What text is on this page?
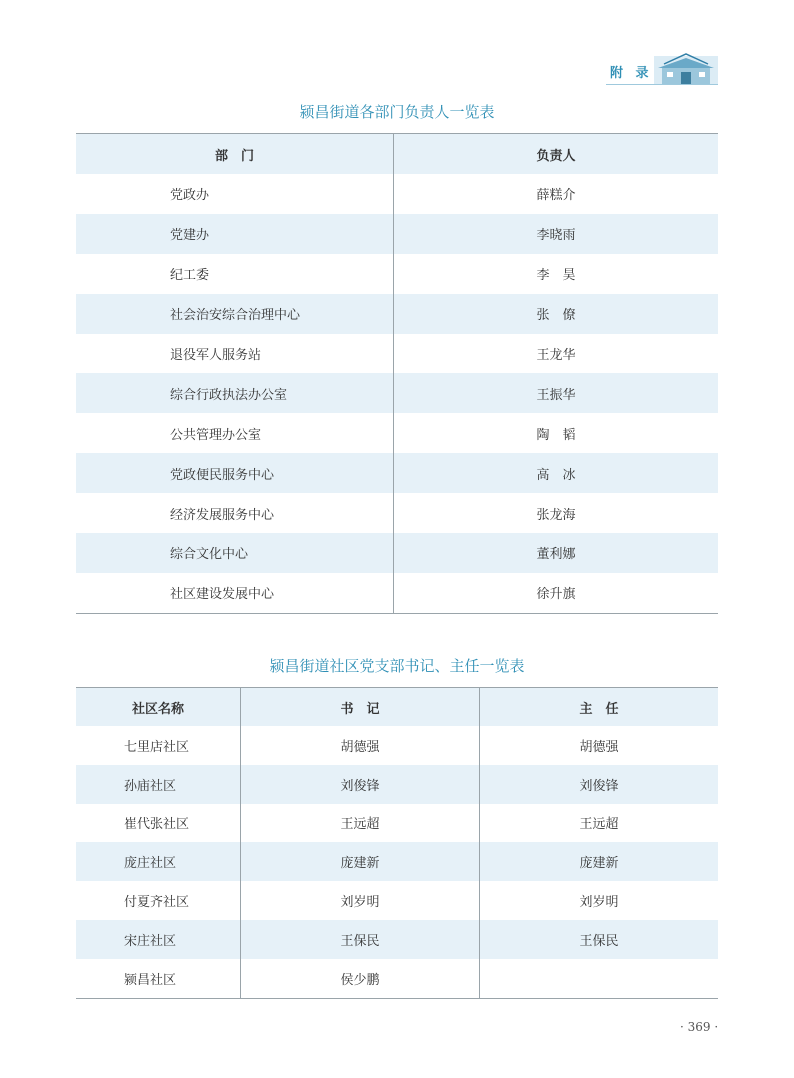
附 录
颍昌街道各部门负责人一览表
部　门	负责人
党政办	薛糕介
党建办	李晓雨
纪工委	李　昊
社会治安综合治理中心	张　僚
退役军人服务站	王龙华
综合行政执法办公室	王振华
公共管理办公室	陶　韬
党政便民服务中心	高　冰
经济发展服务中心	张龙海
综合文化中心	董利娜
社区建设发展中心	徐升旗
颍昌街道社区党支部书记、主任一览表
社区名称	书　记	主　任
七里店社区	胡德强	胡德强
孙庙社区	刘俊锋	刘俊锋
崔代张社区	王远超	王远超
庞庄社区	庞建新	庞建新
付夏齐社区	刘岁明	刘岁明
宋庄社区	王保民	王保民
颍昌社区	侯少鹏	
· 369 ·
